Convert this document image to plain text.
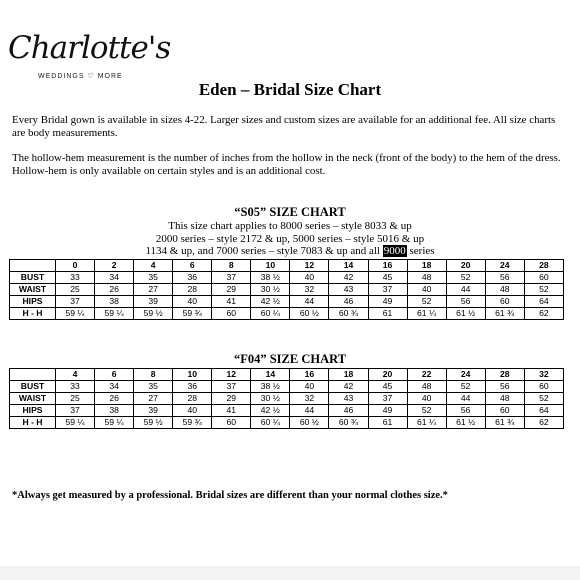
Charlotte's
WEDDINGS ♡ MORE
Eden – Bridal Size Chart
Every Bridal gown is available in sizes 4-22. Larger sizes and custom sizes are available for an additional fee. All size charts are body measurements.
The hollow-hem measurement is the number of inches from the hollow in the neck (front of the body) to the hem of the dress. Hollow-hem is only available on certain styles and is an additional cost.
“S05” SIZE CHART
This size chart applies to 8000 series – style 8033 & up
2000 series – style 2172 & up, 5000 series – style 5016 & up
1134 & up, and 7000 series – style 7083 & up and all 9000 series
	0	2	4	6	8	10	12	14	16	18	20	24	28
BUST	33	34	35	36	37	38 ½	40	42	45	48	52	56	60
WAIST	25	26	27	28	29	30 ½	32	43	37	40	44	48	52
HIPS	37	38	39	40	41	42 ½	44	46	49	52	56	60	64
H - H	59 ¼	59 ¼	59 ½	59 ¾	60	60 ¼	60 ½	60 ¾	61	61 ¼	61 ½	61 ¾	62
“F04” SIZE CHART
	4	6	8	10	12	14	16	18	20	22	24	28	32
BUST	33	34	35	36	37	38 ½	40	42	45	48	52	56	60
WAIST	25	26	27	28	29	30 ½	32	43	37	40	44	48	52
HIPS	37	38	39	40	41	42 ½	44	46	49	52	56	60	64
H - H	59 ¼	59 ¼	59 ½	59 ¾	60	60 ¼	60 ½	60 ¾	61	61 ¼	61 ½	61 ¾	62
*Always get measured by a professional. Bridal sizes are different than your normal clothes size.*
